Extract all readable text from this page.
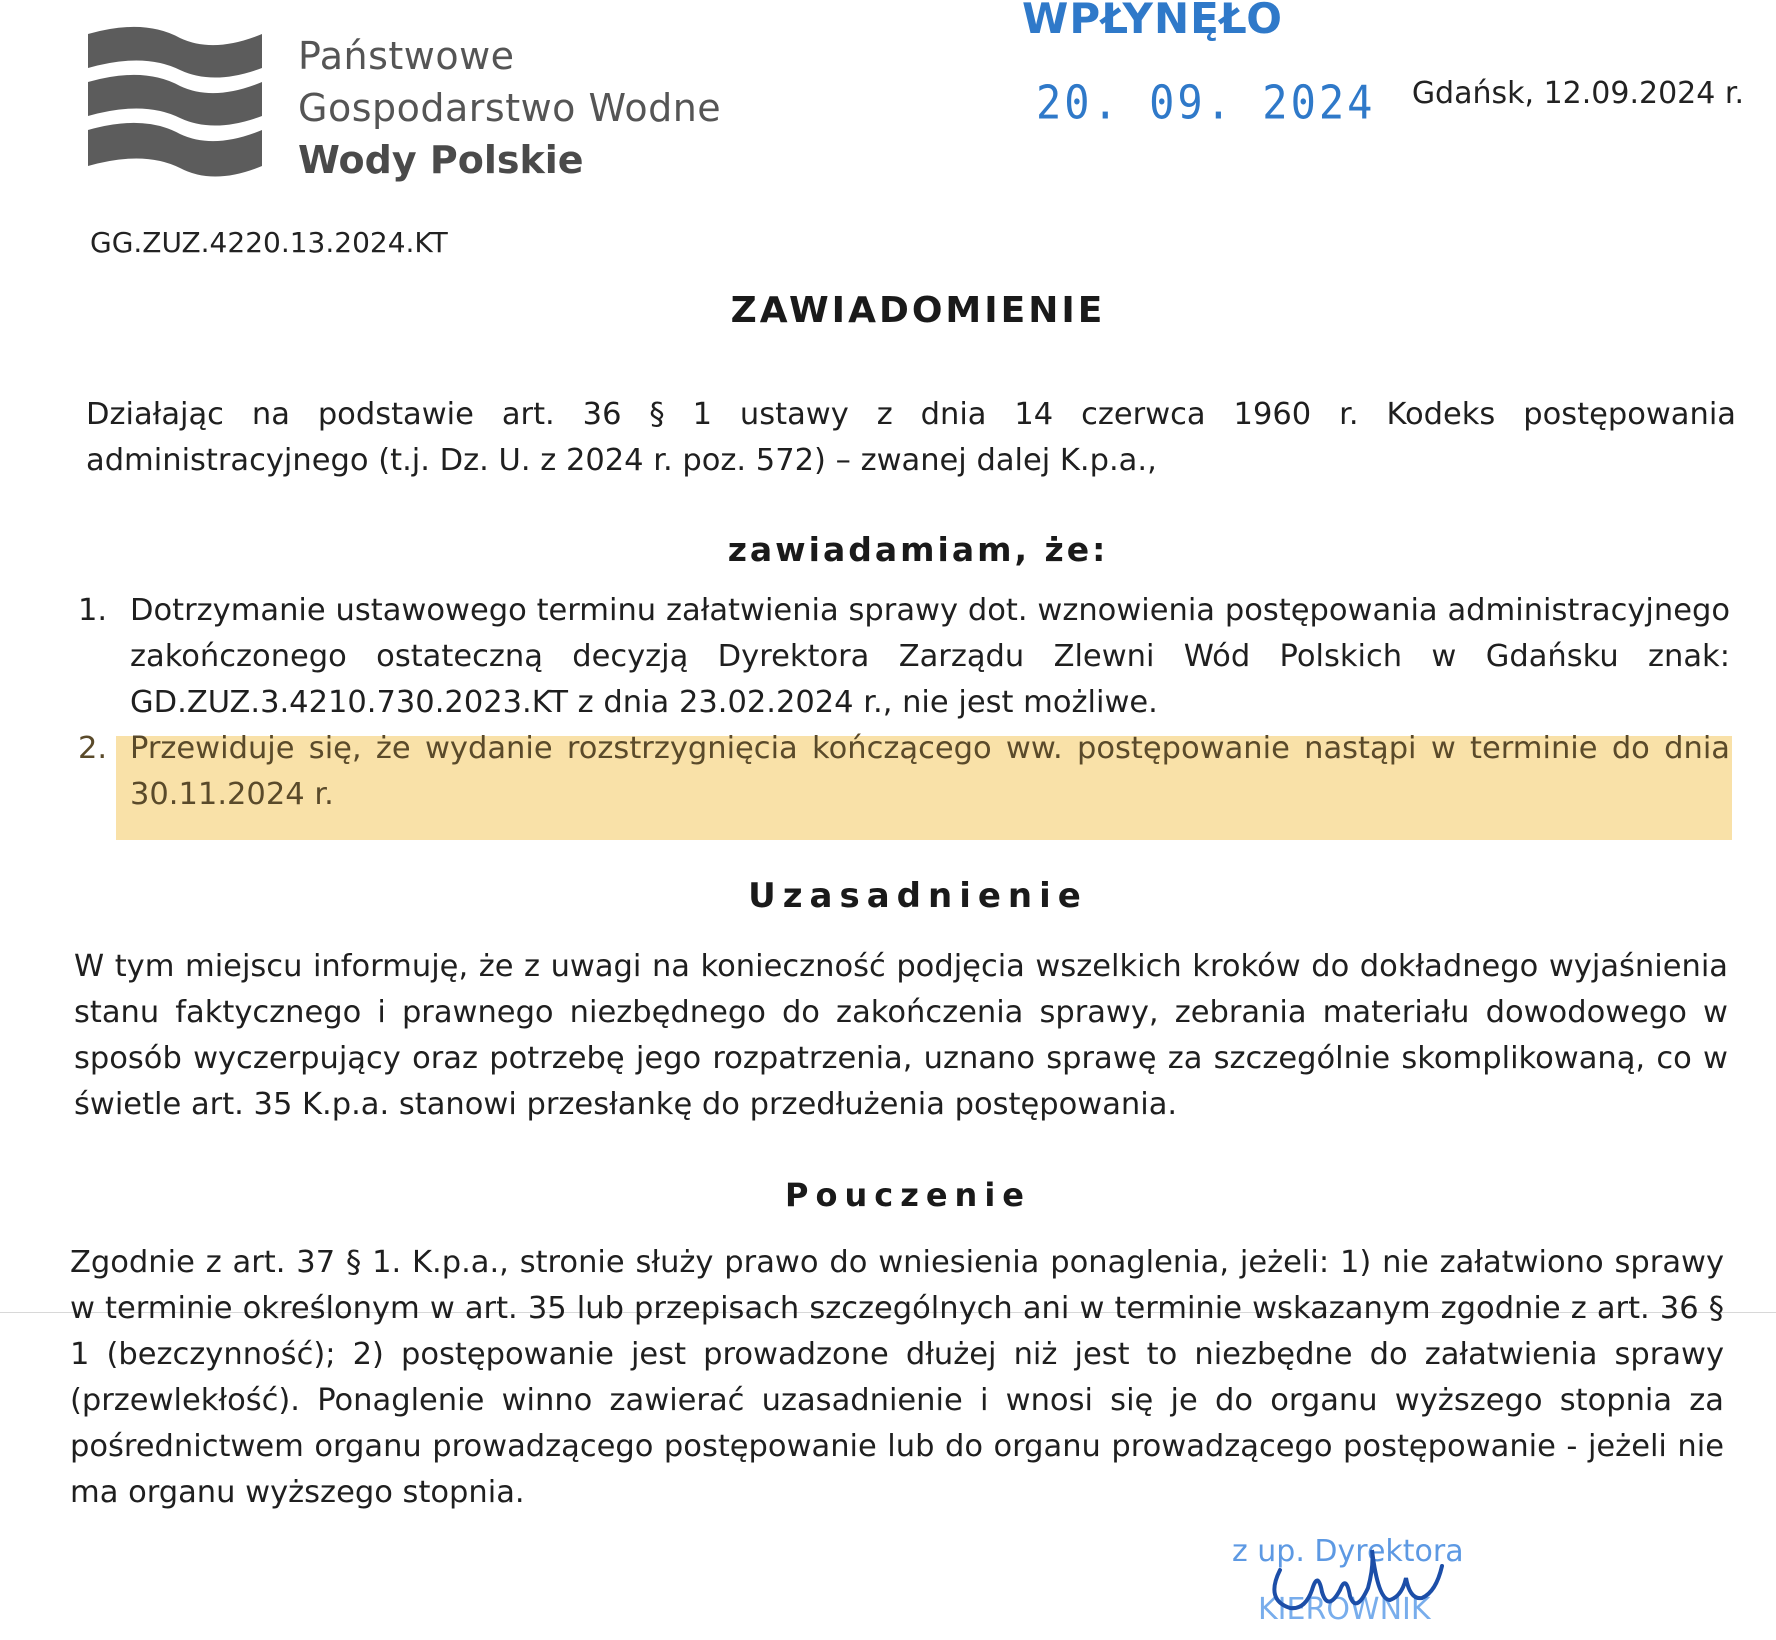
Państwowe
Gospodarstwo Wodne
Wody Polskie
WPŁYNĘŁO
20. 09. 2024 Gdańsk, 12.09.2024 r.
GG.ZUZ.4220.13.2024.KT
ZAWIADOMIENIE

Działając na podstawie art. 36 § 1 ustawy z dnia 14 czerwca 1960 r. Kodeks postępowania administracyjnego (t.j. Dz. U. z 2024 r. poz. 572) – zwanej dalej K.p.a.,

zawiadamiam, że:
1. Dotrzymanie ustawowego terminu załatwienia sprawy dot. wznowienia postępowania administracyjnego zakończonego ostateczną decyzją Dyrektora Zarządu Zlewni Wód Polskich w Gdańsku znak: GD.ZUZ.3.4210.730.2023.KT z dnia 23.02.2024 r., nie jest możliwe.
2. Przewiduje się, że wydanie rozstrzygnięcia kończącego ww. postępowanie nastąpi w terminie do dnia 30.11.2024 r.
Uzasadnienie

W tym miejscu informuję, że z uwagi na konieczność podjęcia wszelkich kroków do dokładnego wyjaśnienia stanu faktycznego i prawnego niezbędnego do zakończenia sprawy, zebrania materiału dowodowego w sposób wyczerpujący oraz potrzebę jego rozpatrzenia, uznano sprawę za szczególnie skomplikowaną, co w świetle art. 35 K.p.a. stanowi przesłankę do przedłużenia postępowania.

Pouczenie

Zgodnie z art. 37 § 1. K.p.a., stronie służy prawo do wniesienia ponaglenia, jeżeli: 1) nie załatwiono sprawy w terminie określonym w art. 35 lub przepisach szczególnych ani w terminie wskazanym zgodnie z art. 36 § 1 (bezczynność); 2) postępowanie jest prowadzone dłużej niż jest to niezbędne do załatwienia sprawy (przewlekłość). Ponaglenie winno zawierać uzasadnienie i wnosi się je do organu wyższego stopnia za pośrednictwem organu prowadzącego postępowanie lub do organu prowadzącego postępowanie - jeżeli nie ma organu wyższego stopnia.

z up. Dyrektora
KIEROWNIK
